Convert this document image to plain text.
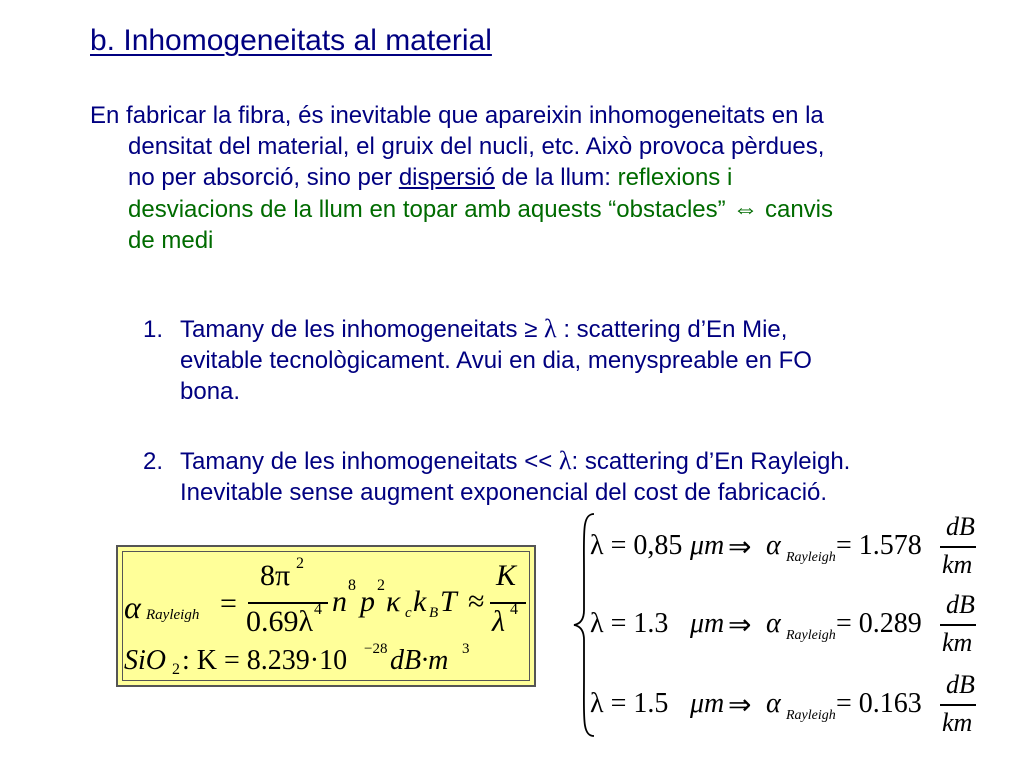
b. Inhomogeneitats al material
En fabricar la fibra, és inevitable que apareixin inhomogeneitats en la
densitat del material, el gruix del nucli, etc. Això provoca pèrdues,
no per absorció, sino per dispersió de la llum: reflexions i
desviacions de la llum en topar amb aquests “obstacles” ⇔ canvis
de medi
1. Tamany de les inhomogeneitats ≥ λ : scattering d’En Mie,
evitable tecnològicament. Avui en dia, menyspreable en FO
bona.
2. Tamany de les inhomogeneitats << λ: scattering d’En Rayleigh.
Inevitable sense augment exponencial del cost de fabricació.
α Rayleigh =
8π 2
0.69λ 4 n 8 p 2 κ c k B T ≈
K
λ 4
SiO 2 : K = 8.239·10 −28 dB·m 3
λ = 0,85 μm ⇒ α Rayleigh = 1.578
dB
km
λ = 1.3 μm ⇒ α Rayleigh = 0.289
dB
km
λ = 1.5 μm ⇒ α Rayleigh = 0.163
dB
km
